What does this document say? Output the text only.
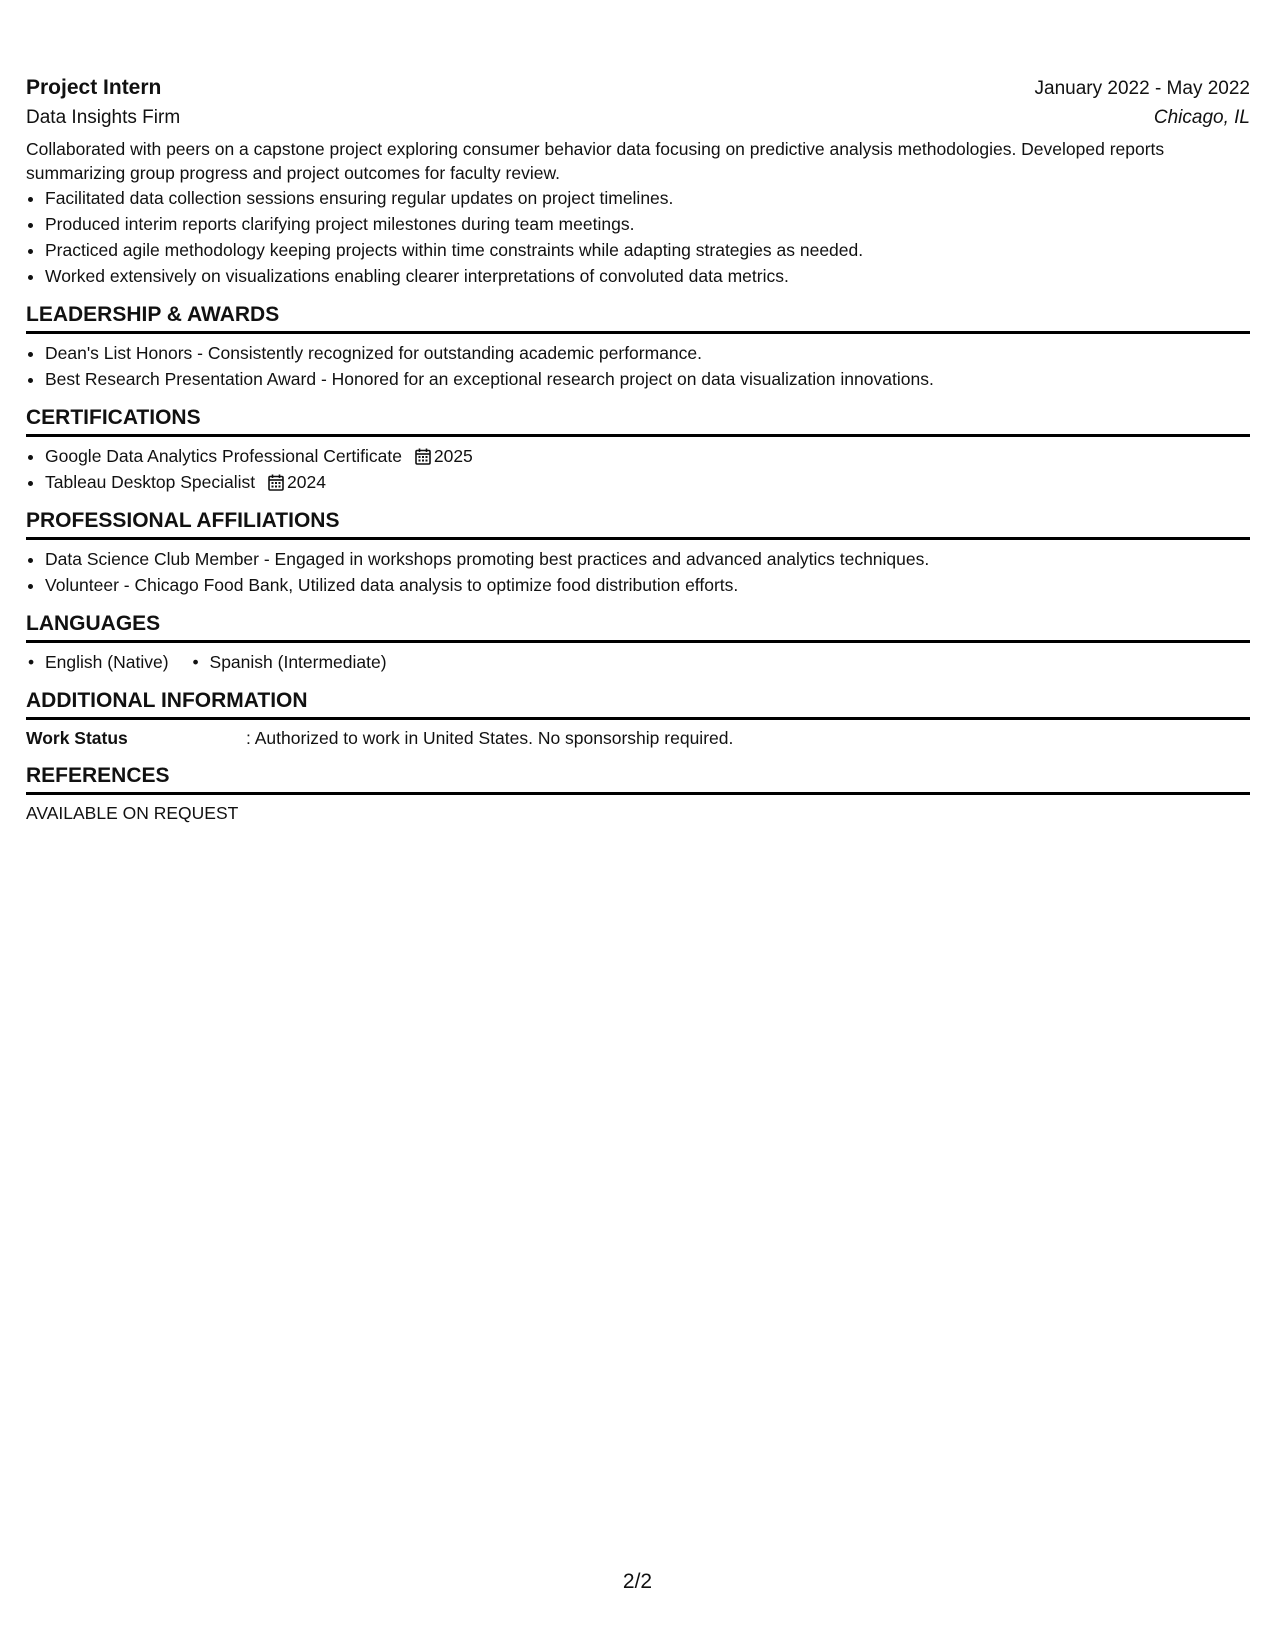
Project Intern	January 2022 - May 2022
Data Insights Firm	Chicago, IL
Collaborated with peers on a capstone project exploring consumer behavior data focusing on predictive analysis methodologies. Developed reports summarizing group progress and project outcomes for faculty review.
• Facilitated data collection sessions ensuring regular updates on project timelines.
• Produced interim reports clarifying project milestones during team meetings.
• Practiced agile methodology keeping projects within time constraints while adapting strategies as needed.
• Worked extensively on visualizations enabling clearer interpretations of convoluted data metrics.
LEADERSHIP & AWARDS
• Dean's List Honors - Consistently recognized for outstanding academic performance.
• Best Research Presentation Award - Honored for an exceptional research project on data visualization innovations.
CERTIFICATIONS
• Google Data Analytics Professional Certificate 2025
• Tableau Desktop Specialist 2024
PROFESSIONAL AFFILIATIONS
• Data Science Club Member - Engaged in workshops promoting best practices and advanced analytics techniques.
• Volunteer - Chicago Food Bank, Utilized data analysis to optimize food distribution efforts.
LANGUAGES
• English (Native)
•	Spanish (Intermediate)
ADDITIONAL INFORMATION
Work Status	: Authorized to work in United States. No sponsorship required.
REFERENCES
AVAILABLE ON REQUEST
2/2
